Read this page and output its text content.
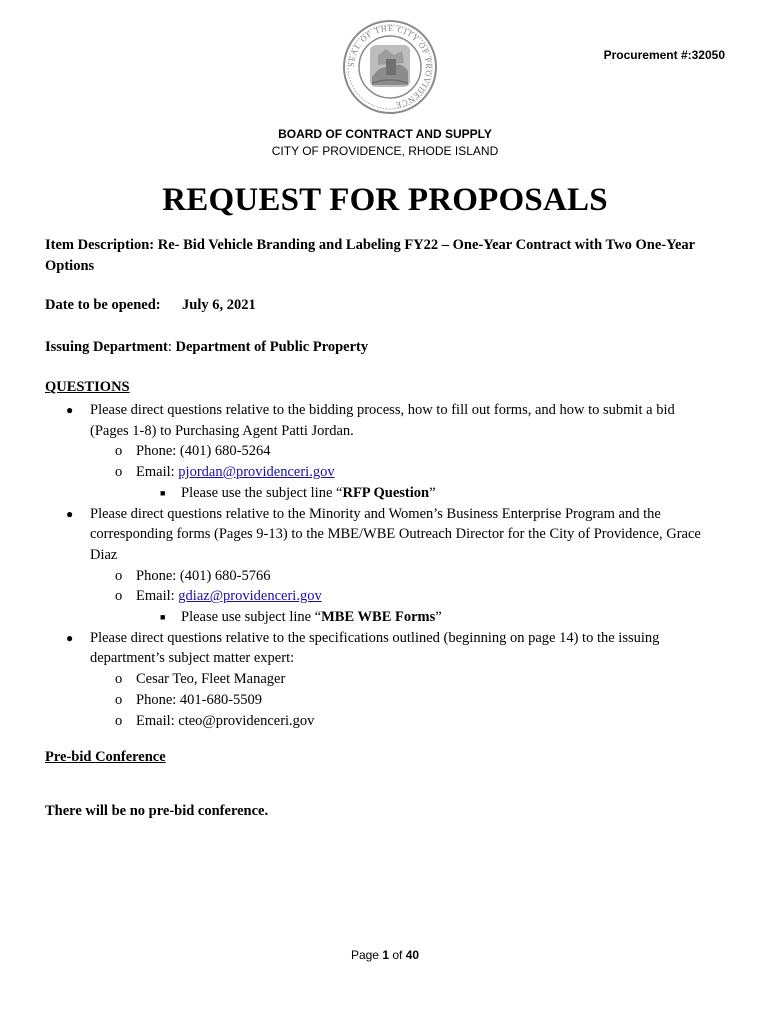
SEAL OF THE CITY OF PROVIDENCE
Procurement #:32050
BOARD OF CONTRACT AND SUPPLY
CITY OF PROVIDENCE, RHODE ISLAND
REQUEST FOR PROPOSALS
Item Description: Re- Bid Vehicle Branding and Labeling FY22 – One-Year Contract with Two One-Year Options
Date to be opened: July 6, 2021
Issuing Department: Department of Public Property
QUESTIONS
● Please direct questions relative to the bidding process, how to fill out forms, and how to submit a bid (Pages 1-8) to Purchasing Agent Patti Jordan.
o Phone: (401) 680-5264
o Email: pjordan@providenceri.gov
■ Please use the subject line “RFP Question”
● Please direct questions relative to the Minority and Women’s Business Enterprise Program and the corresponding forms (Pages 9-13) to the MBE/WBE Outreach Director for the City of Providence, Grace Diaz
o Phone: (401) 680-5766
o Email: gdiaz@providenceri.gov
■ Please use subject line “MBE WBE Forms”
● Please direct questions relative to the specifications outlined (beginning on page 14) to the issuing department’s subject matter expert:
o Cesar Teo, Fleet Manager
o Phone: 401-680-5509
o Email: cteo@providenceri.gov
Pre-bid Conference
There will be no pre-bid conference.
Page 1 of 40
